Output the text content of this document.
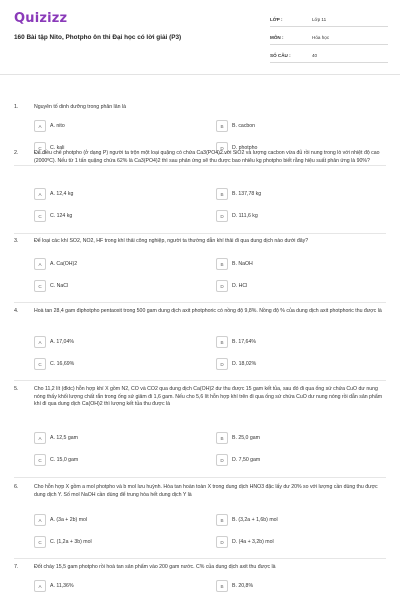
Quizizz
160 Bài tập Nito, Photpho ôn thi Đại học có lời giải (P3)
LỚP :	Lớp 11
MÔN :	Hóa học
SỐ CÂU :	40
1.	Nguyên tố dinh dưỡng trong phân lân là
A	A. nito	B	B. cacbon
C	C. kali	D	D. photpho
2.	Để điều chế photpho (ở dạng P) người ta trộn một loại quặng có chứa Ca3(PO4)2 với SiO2 và lượng cacbon vừa đủ rồi nung trong lò với nhiệt độ cao (2000ºC). Nếu từ 1 tấn quặng chứa 62% là Ca3(PO4)2 thì sau phản ứng sẽ thu được bao nhiêu kg photpho biết rằng hiệu suất phản ứng là 90%?
A	A. 12,4 kg	B	B. 137,78 kg
C	C. 124 kg	D	D. 111,6 kg
3.	Để loại các khí SO2, NO2, HF trong khí thải công nghiệp, người ta thường dẫn khí thải đi qua dung dịch nào dưới đây?
A	A. Ca(OH)2	B	B. NaOH
C	C. NaCl	D	D. HCl
4.	Hoà tan 28,4 gam điphotpho pentaoxit trong 500 gam dung dịch axit photphoric có nồng độ 9,8%. Nồng độ % của dung dịch axit photphoric thu được là
A	A. 17,04%	B	B. 17,64%
C	C. 16,69%	D	D. 18,02%
5.	Cho 11,2 lít (đktc) hỗn hợp khí X gồm N2, CO và CO2 qua dung dịch Ca(OH)2 dư thu được 15 gam kết tủa, sau đó đi qua ống sứ chứa CuO dư nung nóng thấy khối lượng chất rắn trong ống sứ giảm đi 1,6 gam. Nếu cho 5,6 lít hỗn hợp khí trên đi qua ống sứ chứa CuO dư nung nóng rồi dẫn sản phẩm khí đi qua dung dịch Ca(OH)2 thì lượng kết tủa thu được là
A	A. 12,5 gam	B	B. 25,0 gam
C	C. 15,0 gam	D	D. 7,50 gam
6.	Cho hỗn hợp X gồm a mol photpho và b mol lưu huỳnh. Hòa tan hoàn toàn X trong dung dịch HNO3 đặc lấy dư 20% so với lượng cần dùng thu được dung dịch Y. Số mol NaOH cần dùng để trung hòa hết dung dịch Y là
A	A. (3a + 2b) mol	B	B. (3,2a + 1,6b) mol
C	C. (1,2a + 3b) mol	D	D. (4a + 3,2b) mol
7.	Đốt cháy 15,5 gam photpho rồi hoà tan sản phẩm vào 200 gam nước. C% của dung dịch axit thu được là
A	A. 11,36%	B	B. 20,8%
